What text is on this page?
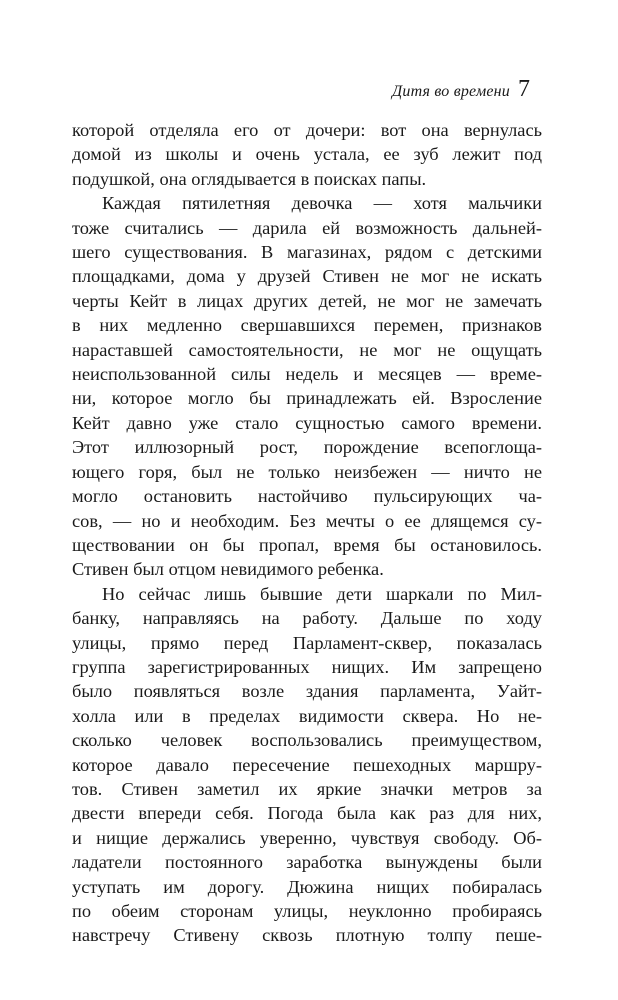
Дитя во времени 7

которой отделяла его от дочери: вот она вернулась
домой из школы и очень устала, ее зуб лежит под
подушкой, она оглядывается в поисках папы.

Каждая пятилетняя девочка — хотя мальчики
тоже считались — дарила ей возможность дальней-
шего существования. В магазинах, рядом с детскими
площадками, дома у друзей Стивен не мог не искать
черты Кейт в лицах других детей, не мог не замечать
в них медленно свершавшихся перемен, признаков
нараставшей самостоятельности, не мог не ощущать
неиспользованной силы недель и месяцев — време-
ни, которое могло бы принадлежать ей. Взросление
Кейт давно уже стало сущностью самого времени.
Этот иллюзорный рост, порождение всепоглоща-
ющего горя, был не только неизбежен — ничто не
могло остановить настойчиво пульсирующих ча-
сов, — но и необходим. Без мечты о ее длящемся су-
ществовании он бы пропал, время бы остановилось.
Стивен был отцом невидимого ребенка.

Но сейчас лишь бывшие дети шаркали по Мил-
банку, направляясь на работу. Дальше по ходу
улицы, прямо перед Парламент-сквер, показалась
группа зарегистрированных нищих. Им запрещено
было появляться возле здания парламента, Уайт-
холла или в пределах видимости сквера. Но не-
сколько человек воспользовались преимуществом,
которое давало пересечение пешеходных маршру-
тов. Стивен заметил их яркие значки метров за
двести впереди себя. Погода была как раз для них,
и нищие держались уверенно, чувствуя свободу. Об-
ладатели постоянного заработка вынуждены были
уступать им дорогу. Дюжина нищих побиралась
по обеим сторонам улицы, неуклонно пробираясь
навстречу Стивену сквозь плотную толпу пеше-
